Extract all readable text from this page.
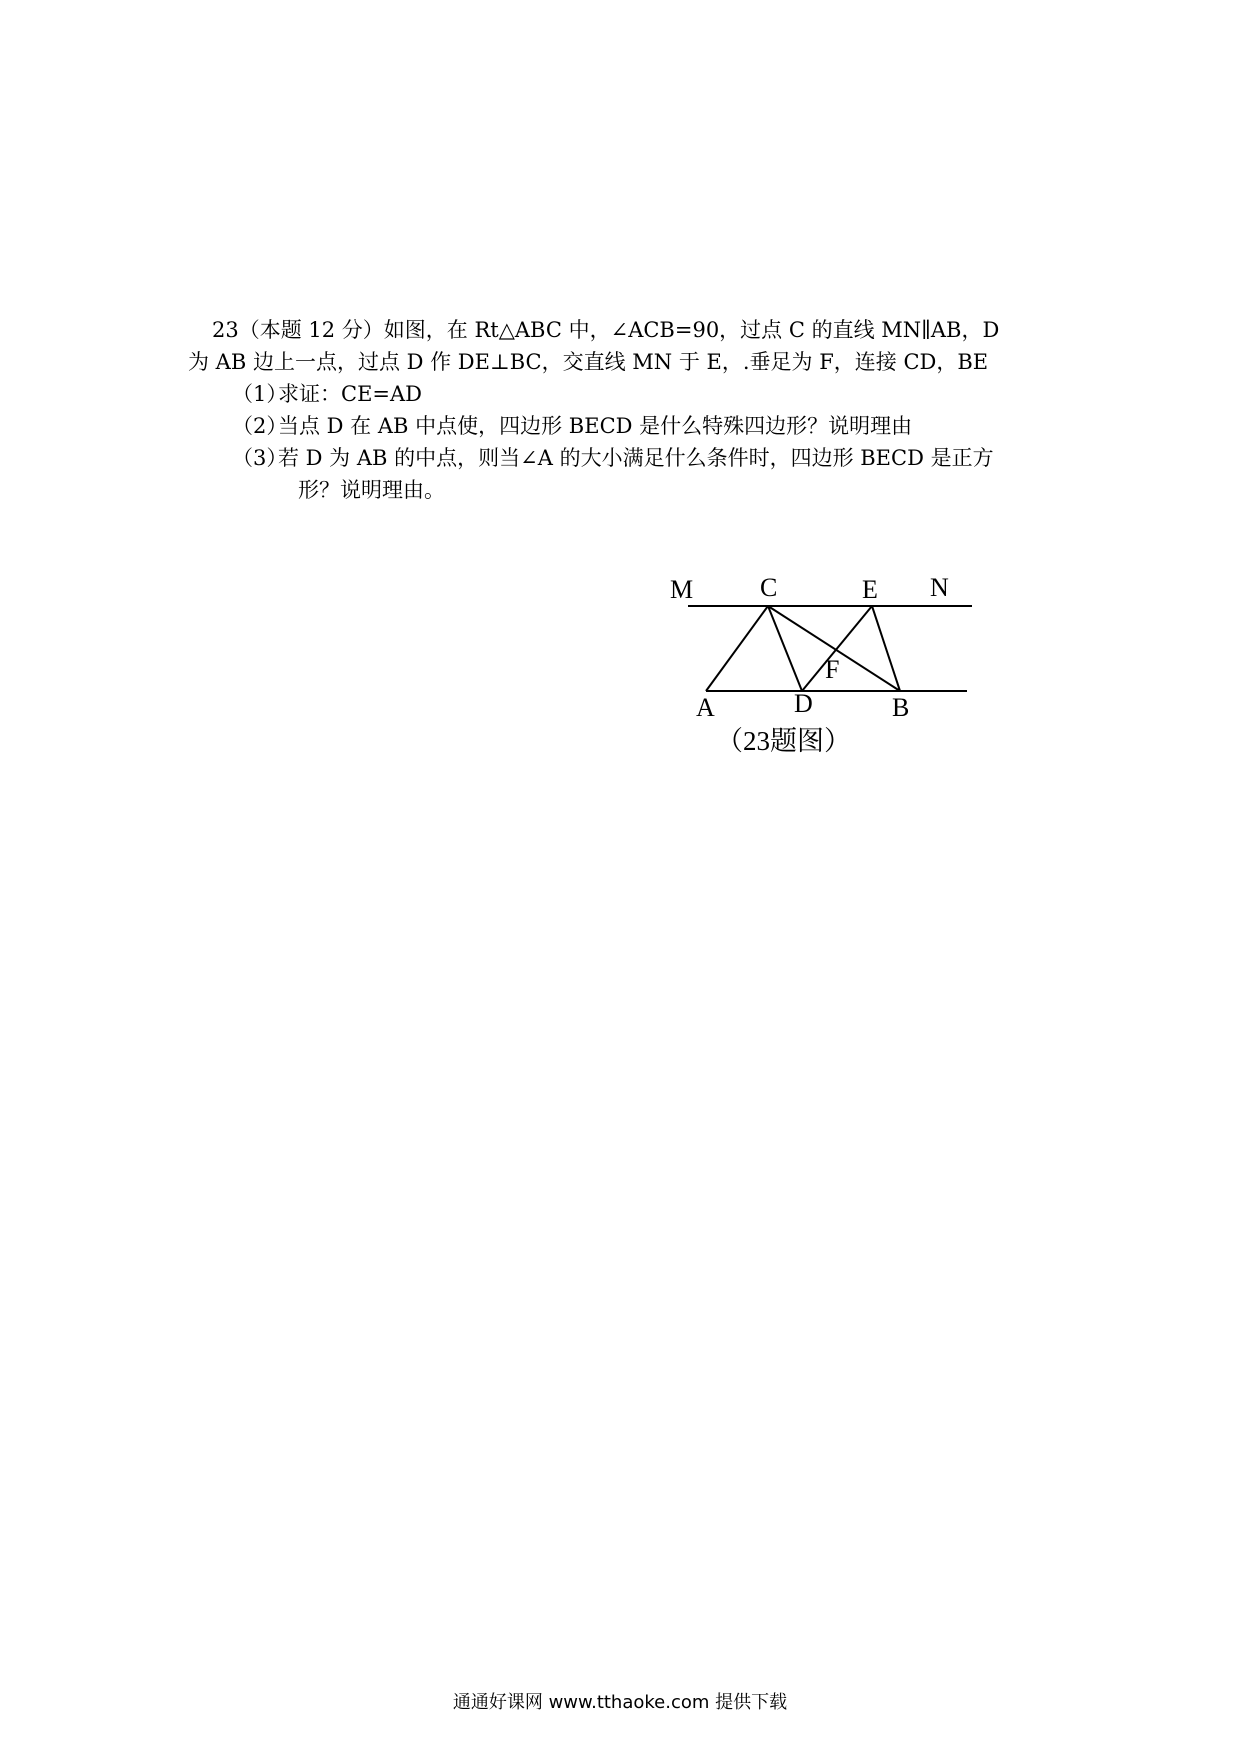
23（本题 12 分）如图，在 Rt△ABC 中，∠ACB=90，过点 C 的直线 MN∥AB，D
为 AB 边上一点，过点 D 作 DE⊥BC，交直线 MN 于 E，.垂足为 F，连接 CD，BE
（1）
求证：CE=AD
（2）
当点 D 在 AB 中点使，四边形 BECD 是什么特殊四边形？说明理由
（3）
若 D 为 AB 的中点，则当∠A 的大小满足什么条件时，四边形 BECD 是正方
形？说明理由。
M	C	E N
F
A	D	B
（23题图）
通通好课网 www.tthaoke.com 提供下载
